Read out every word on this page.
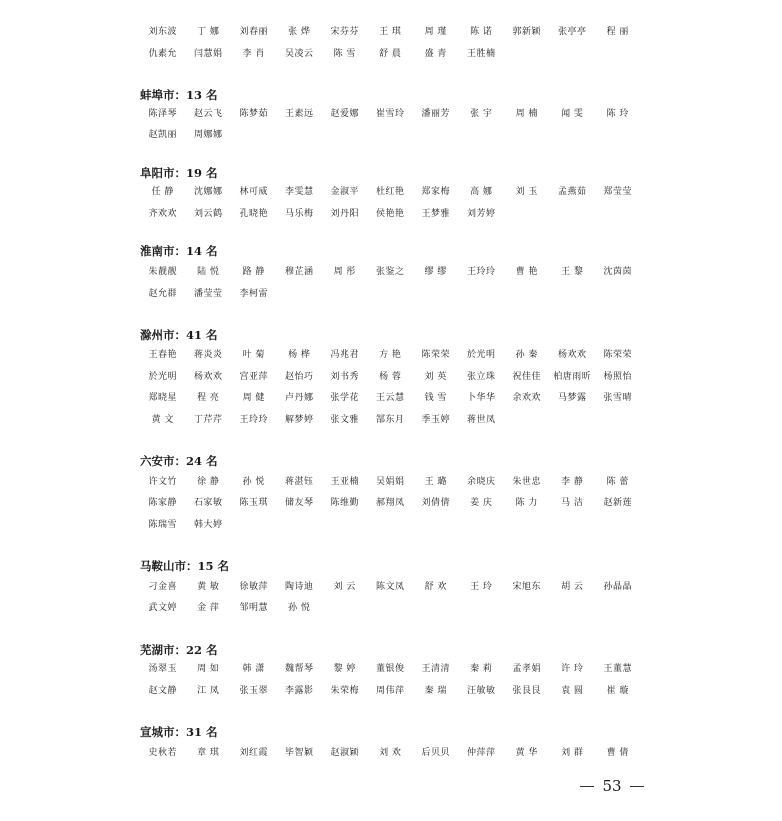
刘东波	丁 娜	刘春丽	张 烨	宋芬芬	王 琪	周 瑾	陈 诺	郭新颖	张亭亭	程 丽
仇素允	闫慧娟	李 肖	吴凌云	陈 雪	舒 晨	盛 青	王胜楠
蚌埠市：13 名
陈泽琴	赵云飞	陈梦茹	王素远	赵爱娜	崔雪玲	潘丽芳	张 宇	周 楠	闻 雯	陈 玲
赵凯丽	周娜娜
阜阳市：19 名
任 静	沈娜娜	林可威	李雯慧	金淑平	杜红艳	郑家梅	高 娜	刘 玉	孟燕茹	郑莹莹
齐欢欢	刘云鹤	孔晓艳	马乐梅	刘丹阳	侯艳艳	王梦雅	刘芳婷
淮南市：14 名
朱靓靓	陆 悦	路 静	穆芷涵	周 彤	张鉴之	缪 缪	王玲玲	曹 艳	王 黎	沈茵茵
赵允群	潘莹莹	李柯雷
滁州市：41 名
王春艳	蒋炎炎	叶 菊	杨 桦	冯兆君	方 艳	陈荣荣	於光明	孙 秦	杨欢欢	陈荣荣
於光明	杨欢欢	宫亚萍	赵怡巧	刘书秀	杨 蓉	刘 英	张立珠	祝佳佳	柏唐雨昕	杨照怡
郑晓星	程 亮	周 健	卢丹娜	张学花	王云慧	钱 雪	卜华华	余欢欢	马梦露	张雪晴
黄 文	丁芹芹	王玲玲	解梦婷	张文雅	郜东月	季玉婷	蒋世凤
六安市：24 名
许文竹	徐 静	孙 悦	蒋湛钰	王亚楠	吴娟娟	王 璐	余晓庆	朱世忠	李 静	陈 蕾
陈家静	石家敏	陈玉琪	储友琴	陈维勤	郝翔凤	刘倩倩	姜 庆	陈 力	马 洁	赵新莲
陈瑞雪	韩大婷
马鞍山市：15 名
刁金喜	黄 敏	徐敏萍	陶诗迪	刘 云	陈文凤	舒 欢	王 玲	宋旭东	胡 云	孙晶晶
武文婷	金 萍	邹明慧	孙 悦
芜湖市：22 名
汤翠玉	周 如	韩 潇	魏帮琴	黎 婷	董银俊	王清清	秦 莉	孟孝娟	许 玲	王董慧
赵文静	江 凤	张玉翠	李露影	朱荣梅	周伟萍	秦 瑞	汪敏敏	张艮艮	袁 圆	崔 璇
宣城市：31 名
史秋若	章 琪	刘红霞	毕智颖	赵淑颖	刘 欢	后贝贝	仲萍萍	黄 华	刘 群	曹 倩
53
